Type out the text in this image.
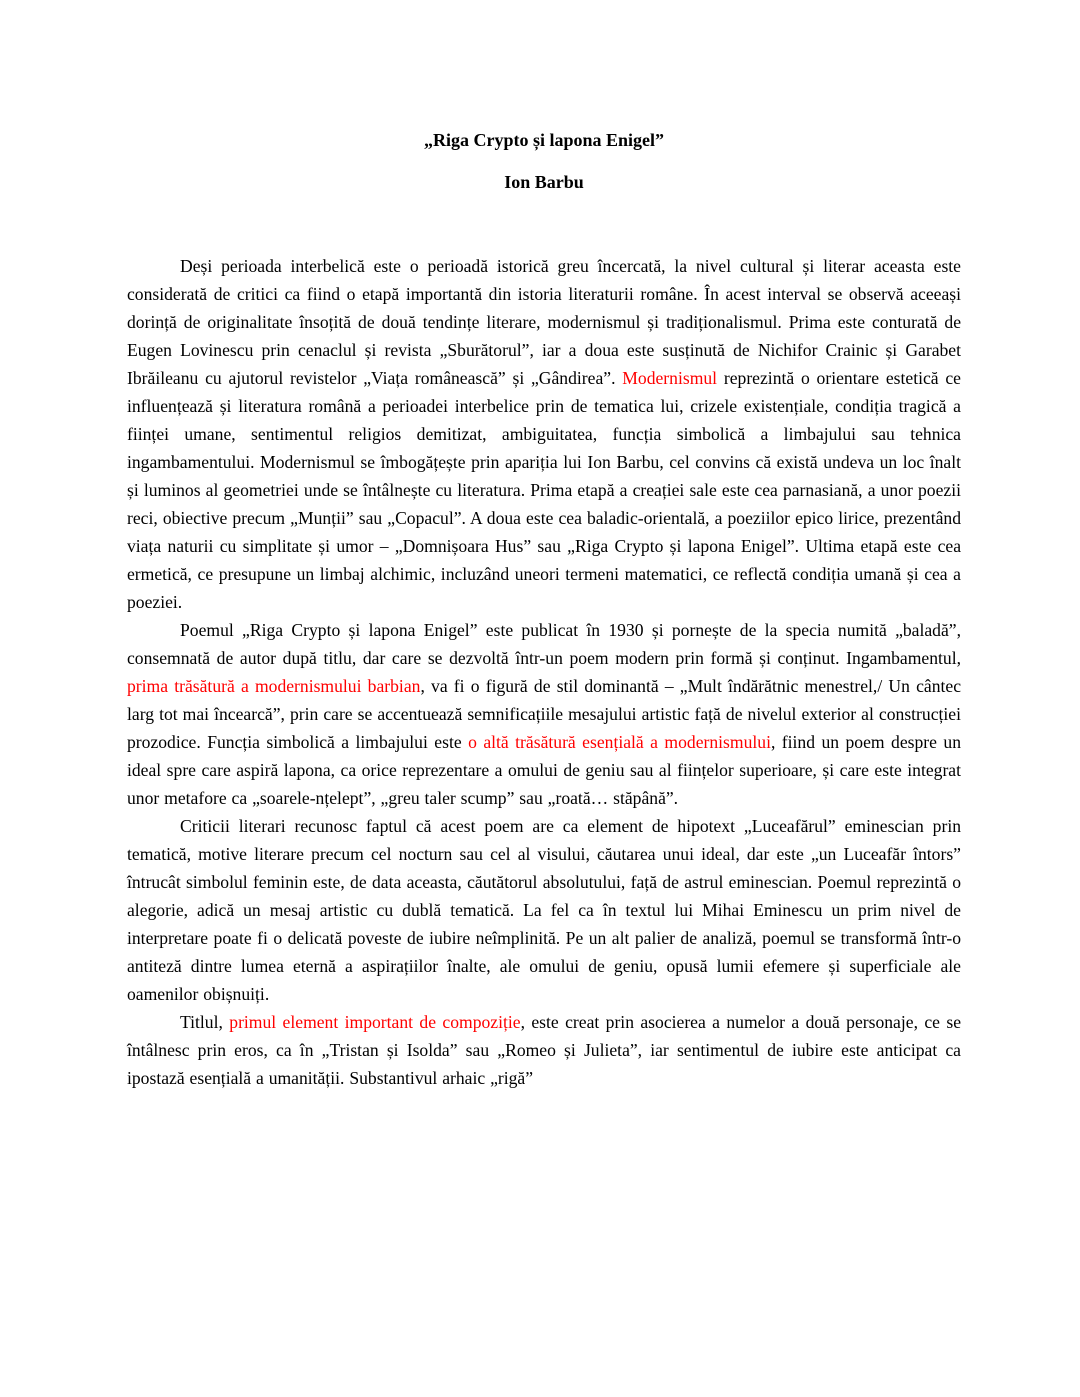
„Riga Crypto și lapona Enigel”
Ion Barbu

Deși perioada interbelică este o perioadă istorică greu încercată, la nivel cultural și literar aceasta este considerată de critici ca fiind o etapă importantă din istoria literaturii române. În acest interval se observă aceeași dorință de originalitate însoțită de două tendințe literare, modernismul și tradiționalismul. Prima este conturată de Eugen Lovinescu prin cenaclul și revista „Sburătorul”, iar a doua este susținută de Nichifor Crainic și Garabet Ibrăileanu cu ajutorul revistelor „Viața românească” și „Gândirea”. Modernismul reprezintă o orientare estetică ce influențează și literatura română a perioadei interbelice prin de tematica lui, crizele existențiale, condiția tragică a ființei umane, sentimentul religios demitizat, ambiguitatea, funcția simbolică a limbajului sau tehnica ingambamentului. Modernismul se îmbogățește prin apariția lui Ion Barbu, cel convins că există undeva un loc înalt și luminos al geometriei unde se întâlnește cu literatura. Prima etapă a creației sale este cea parnasiană, a unor poezii reci, obiective precum „Munții” sau „Copacul”. A doua este cea baladic-orientală, a poeziilor epico lirice, prezentând viața naturii cu simplitate și umor – „Domnișoara Hus” sau „Riga Crypto și lapona Enigel”. Ultima etapă este cea ermetică, ce presupune un limbaj alchimic, incluzând uneori termeni matematici, ce reflectă condiția umană și cea a poeziei.

Poemul „Riga Crypto și lapona Enigel” este publicat în 1930 și pornește de la specia numită „baladă”, consemnată de autor după titlu, dar care se dezvoltă într-un poem modern prin formă și conținut. Ingambamentul, prima trăsătură a modernismului barbian, va fi o figură de stil dominantă – „Mult îndărătnic menestrel,/ Un cântec larg tot mai încearcă”, prin care se accentuează semnificațiile mesajului artistic față de nivelul exterior al construcției prozodice. Funcția simbolică a limbajului este o altă trăsătură esențială a modernismului, fiind un poem despre un ideal spre care aspiră lapona, ca orice reprezentare a omului de geniu sau al ființelor superioare, și care este integrat unor metafore ca „soarele-nțelept”, „greu taler scump” sau „roată… stăpână”.

Criticii literari recunosc faptul că acest poem are ca element de hipotext „Luceafărul” eminescian prin tematică, motive literare precum cel nocturn sau cel al visului, căutarea unui ideal, dar este „un Luceafăr întors” întrucât simbolul feminin este, de data aceasta, căutătorul absolutului, față de astrul eminescian. Poemul reprezintă o alegorie, adică un mesaj artistic cu dublă tematică. La fel ca în textul lui Mihai Eminescu un prim nivel de interpretare poate fi o delicată poveste de iubire neîmplinită. Pe un alt palier de analiză, poemul se transformă într-o antiteză dintre lumea eternă a aspirațiilor înalte, ale omului de geniu, opusă lumii efemere și superficiale ale oamenilor obișnuiți.

Titlul, primul element important de compoziție, este creat prin asocierea a numelor a două personaje, ce se întâlnesc prin eros, ca în „Tristan și Isolda” sau „Romeo și Julieta”, iar sentimentul de iubire este anticipat ca ipostază esențială a umanității. Substantivul arhaic „rigă”
